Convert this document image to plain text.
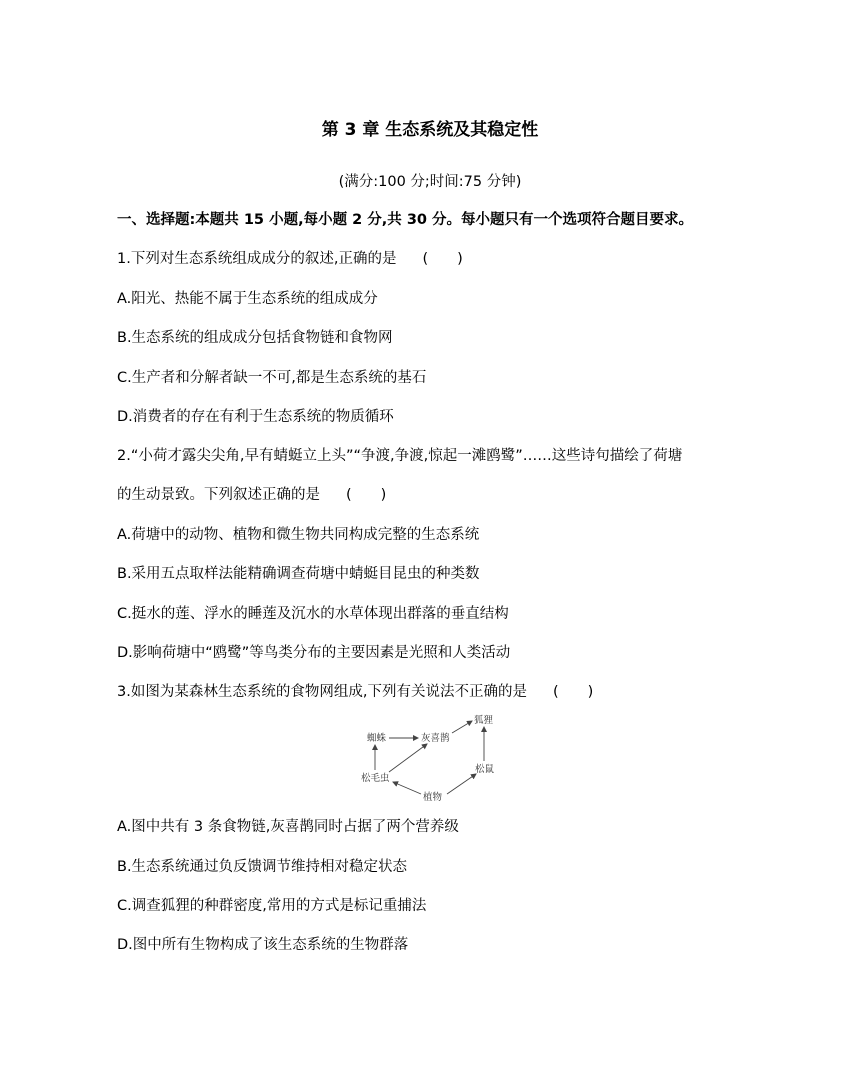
第 3 章 生态系统及其稳定性
(满分:100 分;时间:75 分钟)
一、选择题:本题共 15 小题,每小题 2 分,共 30 分。每小题只有一个选项符合题目要求。
1.下列对生态系统组成成分的叙述,正确的是 (　　)
A.阳光、热能不属于生态系统的组成成分
B.生态系统的组成成分包括食物链和食物网
C.生产者和分解者缺一不可,都是生态系统的基石
D.消费者的存在有利于生态系统的物质循环
2.“小荷才露尖尖角,早有蜻蜓立上头”“争渡,争渡,惊起一滩鸥鹭”……这些诗句描绘了荷塘
的生动景致。下列叙述正确的是 (　　)
A.荷塘中的动物、植物和微生物共同构成完整的生态系统
B.采用五点取样法能精确调查荷塘中蜻蜓目昆虫的种类数
C.挺水的莲、浮水的睡莲及沉水的水草体现出群落的垂直结构
D.影响荷塘中“鸥鹭”等鸟类分布的主要因素是光照和人类活动
3.如图为某森林生态系统的食物网组成,下列有关说法不正确的是 (　　)
蜘蛛	灰喜鹊
狐狸
松毛虫
松鼠
植物
A.图中共有 3 条食物链,灰喜鹊同时占据了两个营养级
B.生态系统通过负反馈调节维持相对稳定状态
C.调查狐狸的种群密度,常用的方式是标记重捕法
D.图中所有生物构成了该生态系统的生物群落
